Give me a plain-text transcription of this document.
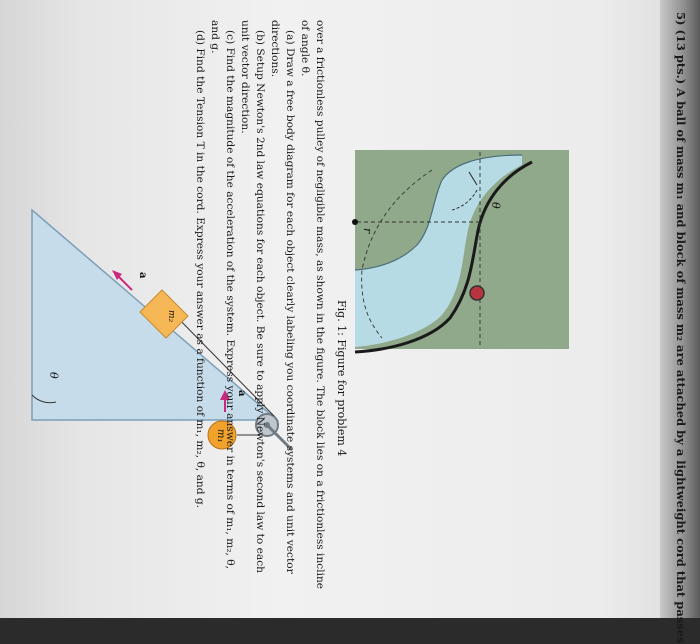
θ
r
θ
m₁
a
m₂
a	5) (13 pts.) A ball of mass m₁ and block of mass m₂ are attached by a lightweight cord that passes
Fig. 1: Figure for problem 4
over a frictionless pulley of negligible mass, as shown in the figure. The block lies on a frictionless incline
of angle θ.
(a) Draw a free body diagram for each object clearly labeling you coordinate systems and unit vector
directions.
(b) Setup Newton's 2nd law equations for each object. Be sure to apply Newton's second law to each
unit vector direction.
(c) Find the magnitude of the acceleration of the system. Express your answer in terms of m₁, m₂, θ,
and g.
(d) Find the Tension T in the cord. Express your answer as a function of m₁, m₂, θ, and g.
